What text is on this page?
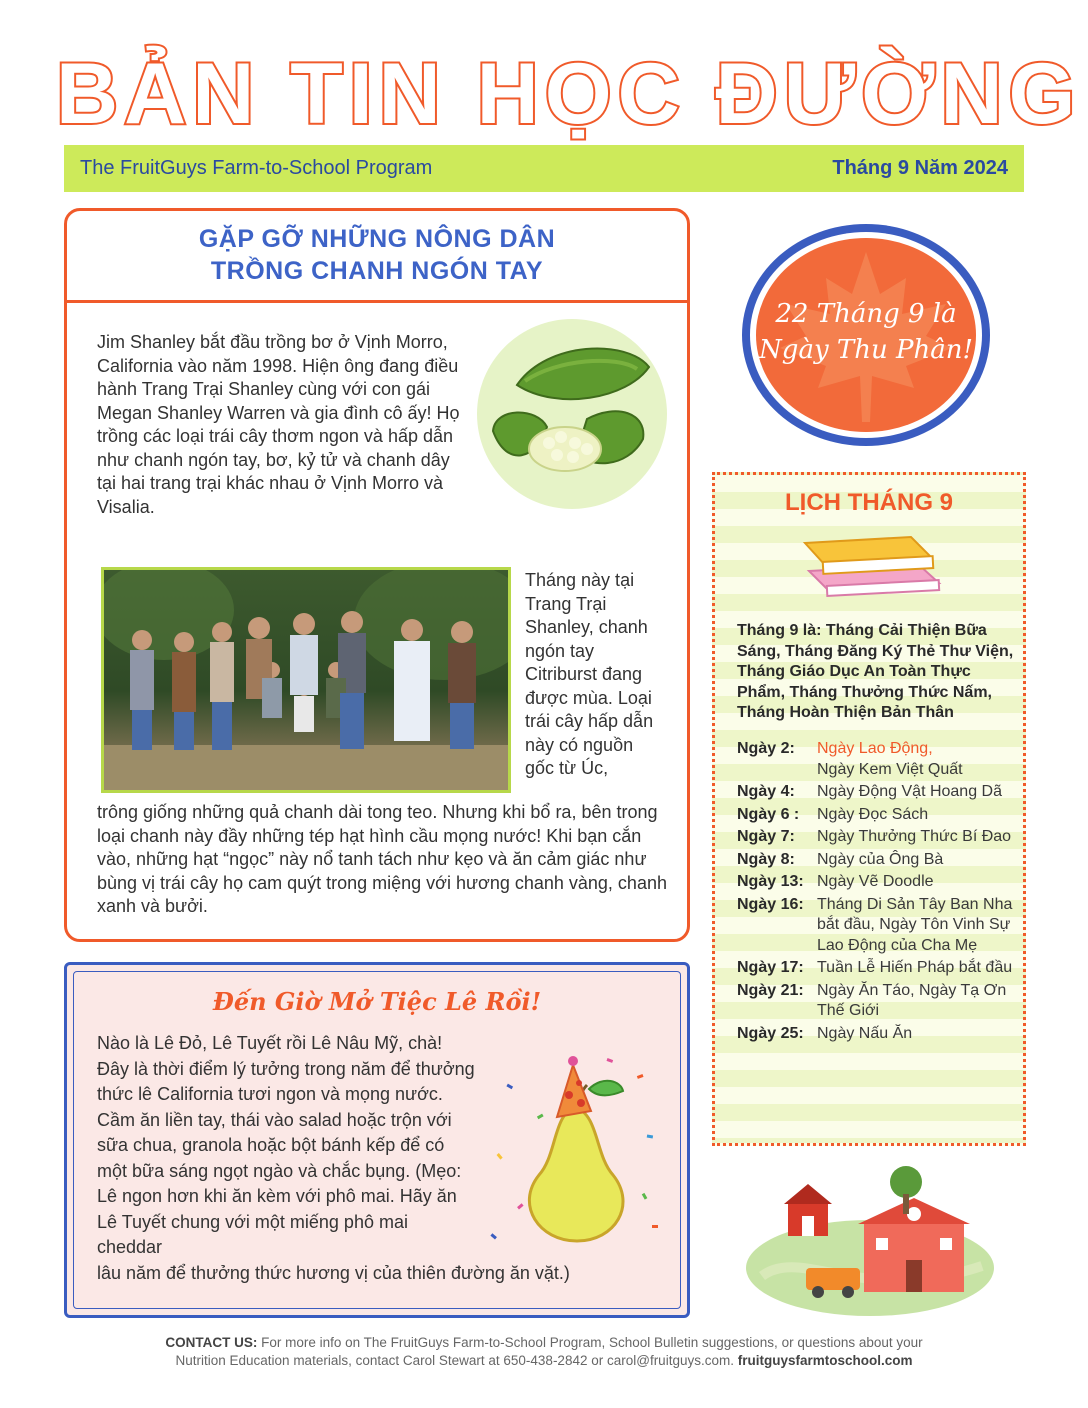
BẢN TIN HỌC ĐƯỜNG
The FruitGuys Farm-to-School Program	Tháng 9 Năm 2024
GẶP GỠ NHỮNG NÔNG DÂN
TRỒNG CHANH NGÓN TAY

Jim Shanley bắt đầu trồng bơ ở Vịnh Morro, California vào năm 1998. Hiện ông đang điều hành Trang Trại Shanley cùng với con gái Megan Shanley Warren và gia đình cô ấy! Họ trồng các loại trái cây thơm ngon và hấp dẫn như chanh ngón tay, bơ, kỷ tử và chanh dây tại hai trang trại khác nhau ở Vịnh Morro và Visalia.

Tháng này tại Trang Trại Shanley, chanh ngón tay Citriburst đang được mùa. Loại trái cây hấp dẫn này có nguồn gốc từ Úc,

trông giống những quả chanh dài tong teo. Nhưng khi bổ ra, bên trong loại chanh này đầy những tép hạt hình cầu mọng nước! Khi bạn cắn vào, những hạt “ngọc” này nổ tanh tách như kẹo và ăn cảm giác như bùng vị trái cây họ cam quýt trong miệng với hương chanh vàng, chanh xanh và bưởi.

22 Tháng 9 là
Ngày Thu Phân!
LỊCH THÁNG 9
Tháng 9 là: Tháng Cải Thiện Bữa Sáng, Tháng Đăng Ký Thẻ Thư Viện, Tháng Giáo Dục An Toàn Thực Phẩm, Tháng Thưởng Thức Nấm, Tháng Hoàn Thiện Bản Thân
Ngày 2:	Ngày Lao Động,
Ngày Kem Việt Quất
Ngày 4:	Ngày Động Vật Hoang Dã
Ngày 6 :	Ngày Đọc Sách
Ngày 7:	Ngày Thưởng Thức Bí Đao
Ngày 8:	Ngày của Ông Bà
Ngày 13: Ngày Vẽ Doodle
Ngày 16: Tháng Di Sản Tây Ban Nha bắt đầu, Ngày Tôn Vinh Sự Lao Động của Cha Mẹ
Ngày 17: Tuần Lễ Hiến Pháp bắt đầu
Ngày 21: Ngày Ăn Táo, Ngày Tạ Ơn Thế Giới
Ngày 25: Ngày Nấu Ăn
Đến Giờ Mở Tiệc Lê Rồi!
Nào là Lê Đỏ, Lê Tuyết rồi Lê Nâu Mỹ, chà! Đây là thời điểm lý tưởng trong năm để thưởng thức lê California tươi ngon và mọng nước. Cầm ăn liền tay, thái vào salad hoặc trộn với sữa chua, granola hoặc bột bánh kếp để có một bữa sáng ngọt ngào và chắc bụng. (Mẹo: Lê ngon hơn khi ăn kèm với phô mai. Hãy ăn Lê Tuyết chung với một miếng phô mai cheddar
lâu năm để thưởng thức hương vị của thiên đường ăn vặt.)
CONTACT US: For more info on The FruitGuys Farm-to-School Program, School Bulletin suggestions, or questions about your
Nutrition Education materials, contact Carol Stewart at 650-438-2842 or carol@fruitguys.com. fruitguysfarmtoschool.com
